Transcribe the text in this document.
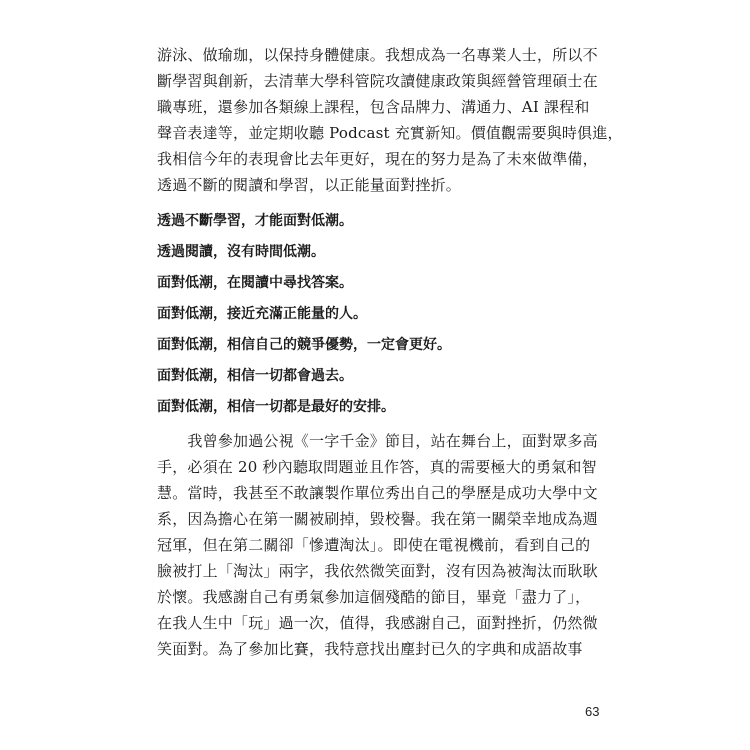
游泳、做瑜珈，以保持身體健康。我想成為一名專業人士，所以不
斷學習與創新，去清華大學科管院攻讀健康政策與經營管理碩士在
職專班，還參加各類線上課程，包含品牌力、溝通力、AI 課程和
聲音表達等，並定期收聽 Podcast 充實新知。價值觀需要與時俱進，
我相信今年的表現會比去年更好，現在的努力是為了未來做準備，
透過不斷的閱讀和學習，以正能量面對挫折。
透過不斷學習，才能面對低潮。
透過閱讀，沒有時間低潮。
面對低潮，在閱讀中尋找答案。
面對低潮，接近充滿正能量的人。
面對低潮，相信自己的競爭優勢，一定會更好。
面對低潮，相信一切都會過去。
面對低潮，相信一切都是最好的安排。
　　我曾參加過公視《一字千金》節目，站在舞台上，面對眾多高
手，必須在 20 秒內聽取問題並且作答，真的需要極大的勇氣和智
慧。當時，我甚至不敢讓製作單位秀出自己的學歷是成功大學中文
系，因為擔心在第一關被刷掉，毀校譽。我在第一關榮幸地成為週
冠軍，但在第二關卻「慘遭淘汰」。即使在電視機前，看到自己的
臉被打上「淘汰」兩字，我依然微笑面對，沒有因為被淘汰而耿耿
於懷。我感謝自己有勇氣參加這個殘酷的節目，畢竟「盡力了」，
在我人生中「玩」過一次，值得，我感謝自己，面對挫折，仍然微
笑面對。為了參加比賽，我特意找出塵封已久的字典和成語故事
63
